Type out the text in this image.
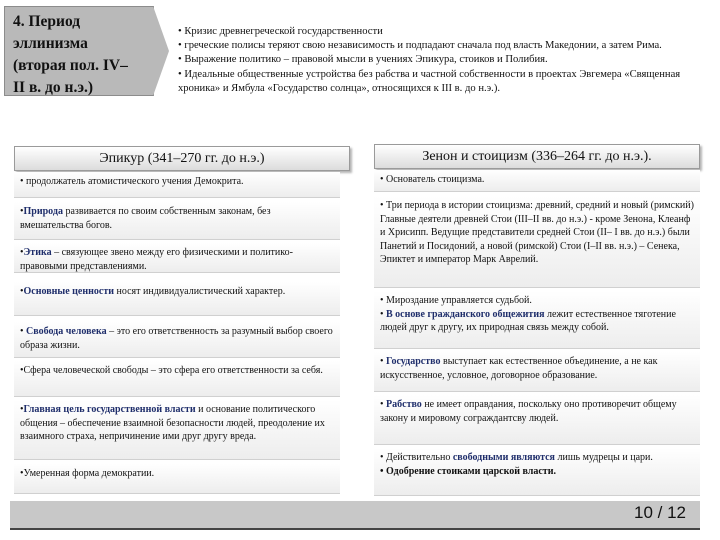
4. Период
эллинизма
(вторая пол. IV–
II в. до н.э.)

• Кризис древнегреческой государственности

• греческие полисы теряют свою независимость и подпадают сначала под власть Македонии, а затем Рима.

• Выражение политико – правовой мысли в учениях Эпикура, стоиков и Полибия.

• Идеальные общественные устройства без рабства и частной собственности в проектах Эвгемера «Священная хроника» и Ямбула «Государство солнца», относящихся к III в. до н.э.).

Эпикур (341–270 гг. до н.э.)	Зенон и стоицизм (336–264 гг. до н.э.).

• продолжатель атомистического учения Демокрита.

•Природа развивается по своим собственным законам, без вмешательства богов.

•Этика – связующее звено между его физическими и политико-правовыми представлениями.

•Основные ценности носят индивидуалистический характер.

• Свобода человека – это его ответственность за разумный выбор своего образа жизни.

•Сфера человеческой свободы – это сфера его ответственности за себя.

•Главная цель государственной власти и основание политического общения – обеспечение взаимной безопасности людей, преодоление их взаимного страха, непричинение ими друг другу вреда.

•Умеренная форма демократии.

• Основатель стоицизма.

• Три периода в истории стоицизма: древний, средний и новый (римский) Главные деятели древней Стои (III–II вв. до н.э.) - кроме Зенона, Клеанф и Хрисипп. Ведущие представители средней Стои (II– I вв. до н.э.) были Панетий и Посидоний, а новой (римской) Стои (I–II вв. н.э.) – Сенека, Эпиктет и император Марк Аврелий.

• Мироздание управляется судьбой.

• В основе гражданского общежития лежит естественное тяготение людей друг к другу, их природная связь между собой.

• Государство выступает как естественное объединение, а не как искусственное, условное, договорное образование.

• Рабство не имеет оправдания, поскольку оно противоречит общему закону и мировому сограждантсву людей.

• Действительно свободными являются лишь мудрецы и цари.

• Одобрение стоиками царской власти.

10 / 12
